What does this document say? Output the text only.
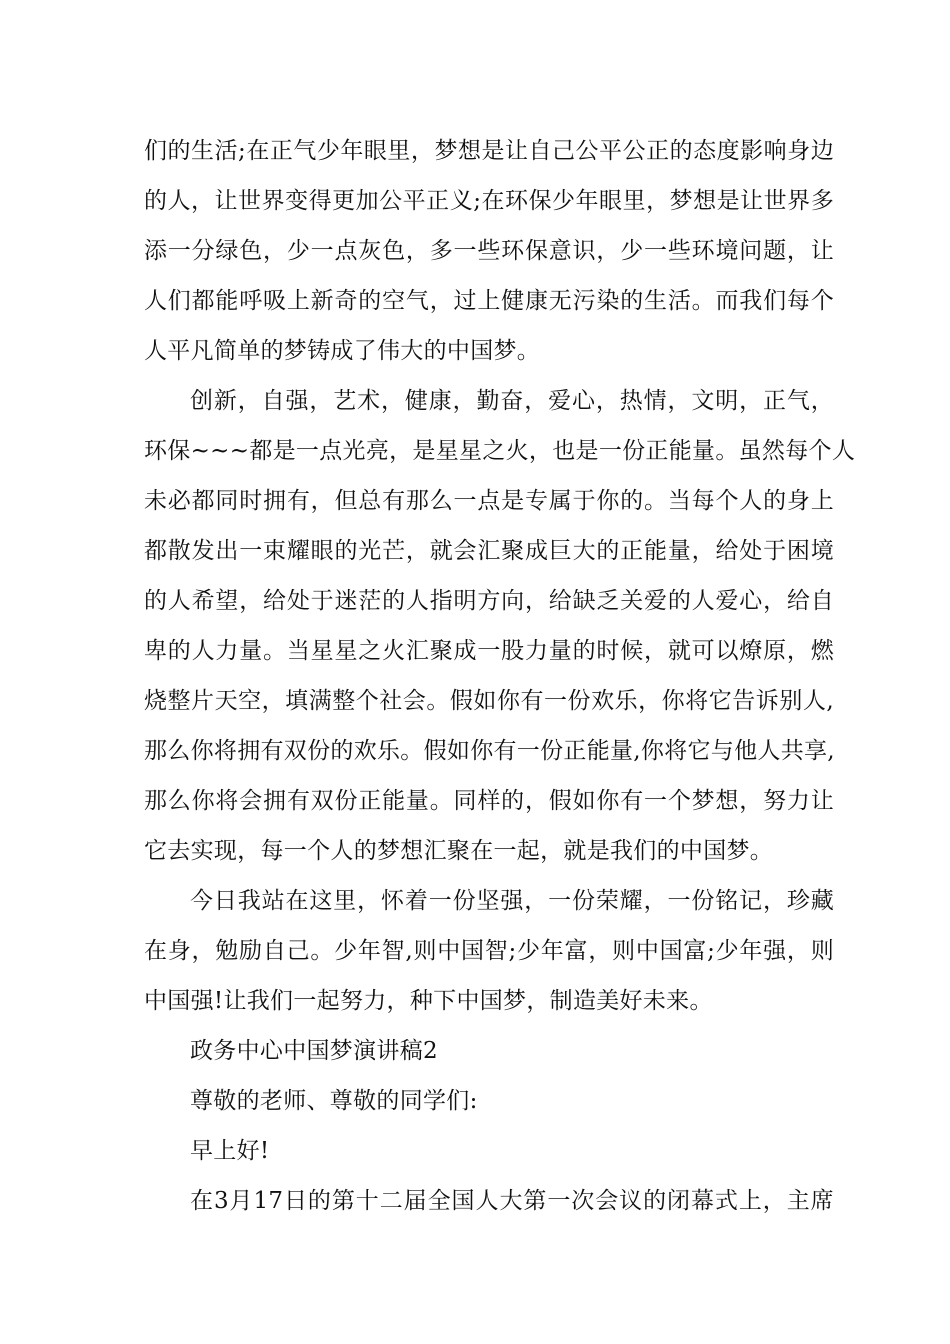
们的生活;在正气少年眼里，梦想是让自己公平公正的态度影响身边
的人，让世界变得更加公平正义;在环保少年眼里，梦想是让世界多
添一分绿色，少一点灰色，多一些环保意识，少一些环境问题，让
人们都能呼吸上新奇的空气，过上健康无污染的生活。而我们每个
人平凡简单的梦铸成了伟大的中国梦。
创新，自强，艺术，健康，勤奋，爱心，热情，文明，正气，
环保~~~都是一点光亮，是星星之火，也是一份正能量。虽然每个人
未必都同时拥有，但总有那么一点是专属于你的。当每个人的身上
都散发出一束耀眼的光芒，就会汇聚成巨大的正能量，给处于困境
的人希望，给处于迷茫的人指明方向，给缺乏关爱的人爱心，给自
卑的人力量。当星星之火汇聚成一股力量的时候，就可以燎原，燃
烧整片天空，填满整个社会。假如你有一份欢乐，你将它告诉别人,
那么你将拥有双份的欢乐。假如你有一份正能量,你将它与他人共享,
那么你将会拥有双份正能量。同样的，假如你有一个梦想，努力让
它去实现，每一个人的梦想汇聚在一起，就是我们的中国梦。
今日我站在这里，怀着一份坚强，一份荣耀，一份铭记，珍藏
在身，勉励自己。少年智,则中国智;少年富，则中国富;少年强，则
中国强!让我们一起努力，种下中国梦，制造美好未来。
政务中心中国梦演讲稿2
尊敬的老师、尊敬的同学们:
早上好!
在3月17日的第十二届全国人大第一次会议的闭幕式上，主席
